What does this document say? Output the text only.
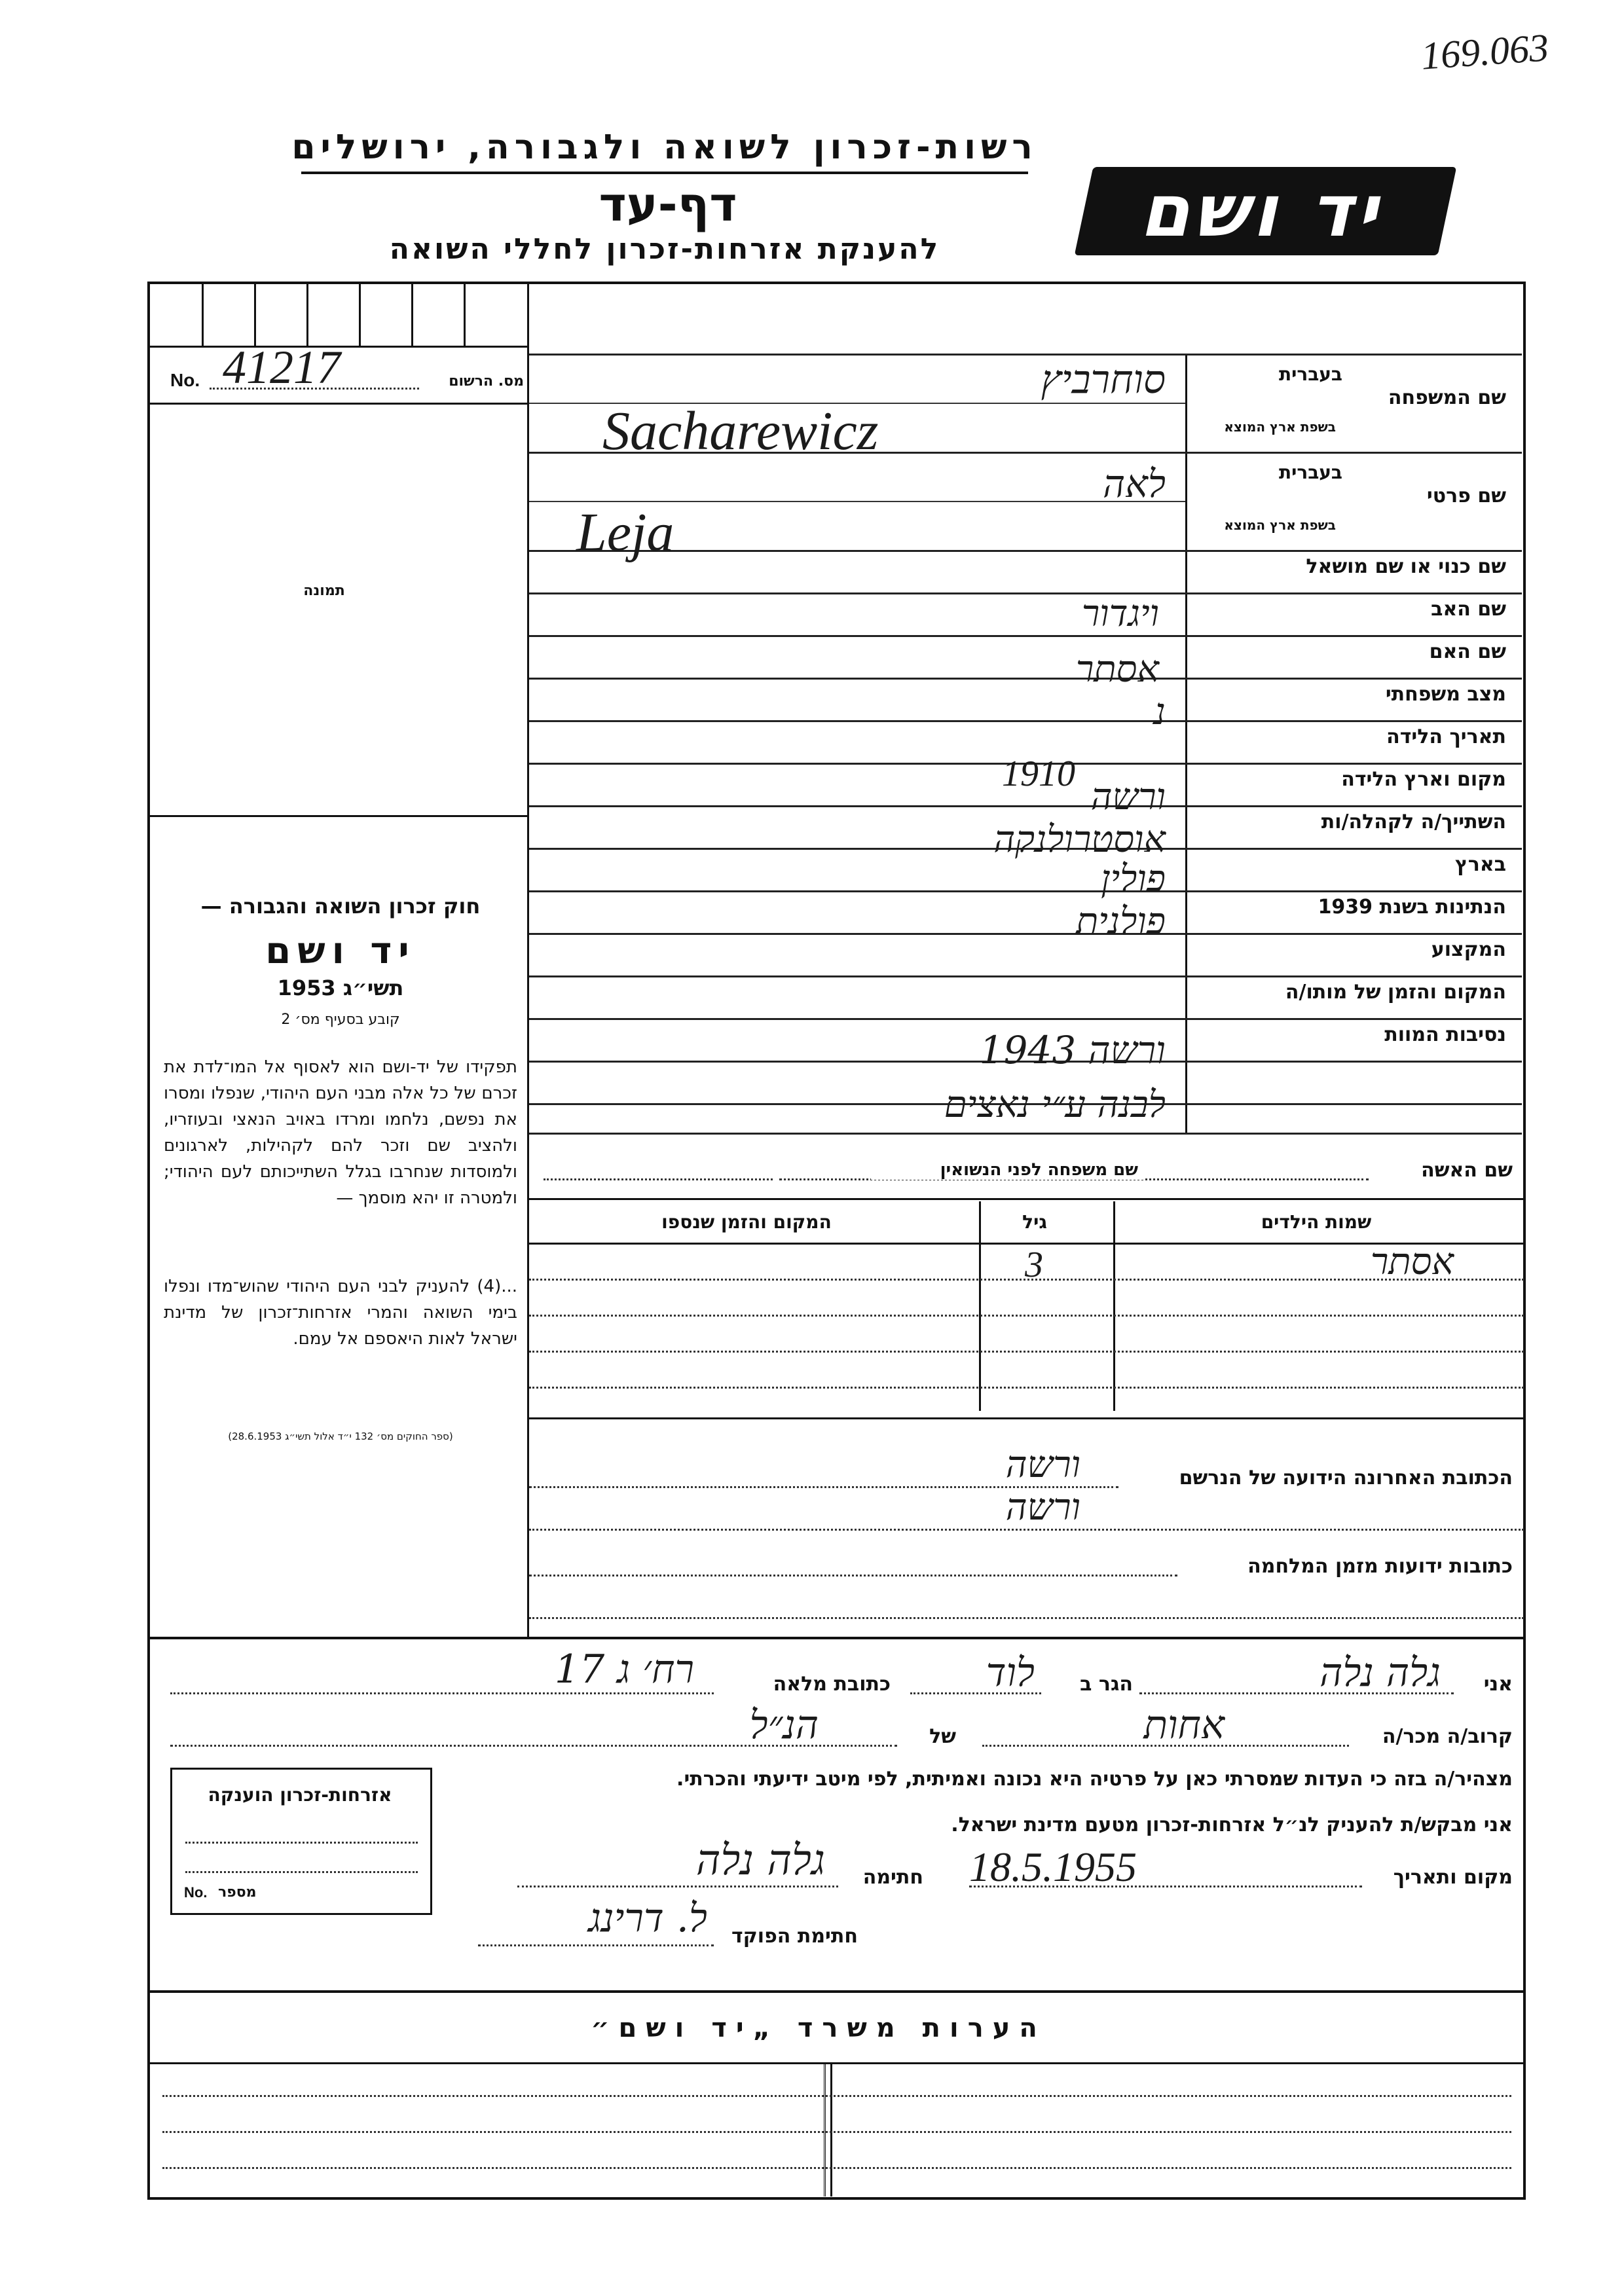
169.063
רשות-זכרון לשואה ולגבורה, ירושלים
דף-עד
להענקת אזרחות-זכרון לחללי השואה	יד ושם
No. 41217	מס. הרשום
תמונה
חוק זכרון השואה והגבורה —
יד ושם
תשי״ג 1953
קובע בסעיף מס׳ 2
תפקידו של יד-ושם הוא לאסוף אל המו־לדת את זכרם של כל אלה מבני העם היהודי, שנפלו ומסרו את נפשם, נלחמו ומרדו באויב הנאצי ובעוזריו, ולהציב שם וזכר להם לקהילות, לארגונים ולמוסדות שנחרבו בגלל השתייכותם לעם היהודי; ולמטרה זו יהא מוסמך —
...(4) להעניק לבני העם היהודי שהוש־מדו ונפלו בימי השואה והמרי אזרחות־זכרון של מדינת ישראל לאות היאספם אל עמם.
(ספר החוקים מס׳ 132 י״ד אלול תשי״ג 28.6.1953)
שם המשפחה
בעברית
בשפת ארץ המוצא
סוחרביץ
Sacharewicz
שם פרטי
בעברית
בשפת ארץ המוצא
לאה
Leja
שם כנוי או שם מושאל
שם האב
שם האם
מצב משפחתי
תאריך הלידה
מקום וארץ הלידה
השתייך/ה לקהלה/ות
בארץ
הנתינות בשנת 1939
המקצוע
המקום והזמן של מותו/ה
נסיבות המוות
ויגדור
אסתר
נ
1910
ורשה
אוסטרולנקה
פולין
פולנית
ורשה 1943
לבנה ע״י נאצים
שם האשה
שם משפחה לפני הנשואין
שמות הילדים
גיל
המקום והזמן שנספו
אסתר
3
הכתובת האחרונה הידועה של הנרשם
ורשה
ורשה
כתובות ידועות מזמן המלחמה
אני
גלה נלה
הגר ב
לוד
כתובת מלאה
רח׳ ג 17
קרוב/ה מכר/ה
אחות
של
הנ״ל
מצהיר/ה בזה כי העדות שמסרתי כאן על פרטיה היא נכונה ואמיתית, לפי מיטב ידיעתי והכרתי.
אני מבקש/ת להעניק לנ״ל אזרחות-זכרון מטעם מדינת ישראל.
מקום ותאריך
18.5.1955
חתימה
גלה נלה
חתימת הפוקד
ל. דרינג
אזרחות-זכרון הוענקה
No. מספר
הערות משרד „יד ושם״
